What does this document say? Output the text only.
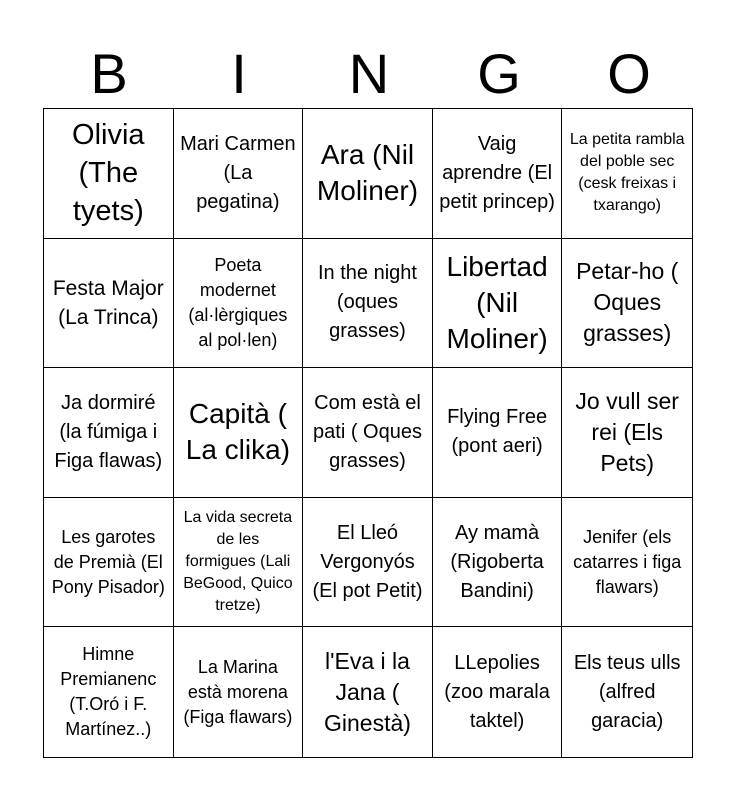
B	I	N	G	O
Olivia (The tyets)
Mari Carmen (La pegatina)
Ara (Nil Moliner)
Vaig aprendre (El petit princep)
La petita rambla del poble sec (cesk freixas i txarango)
Festa Major (La Trinca)
Poeta modernet (al·lèrgiques al pol·len)
In the night (oques grasses)
Libertad (Nil Moliner)
Petar-ho ( Oques grasses)
Ja dormiré (la fúmiga i Figa flawas)
Capità ( La clika)
Com està el pati ( Oques grasses)
Flying Free (pont aeri)
Jo vull ser rei (Els Pets)
Les garotes de Premià (El Pony Pisador)
La vida secreta de les formigues (Lali BeGood, Quico tretze)
El Lleó Vergonyós (El pot Petit)
Ay mamà (Rigoberta Bandini)
Jenifer (els catarres i figa flawars)
Himne Premianenc (T.Oró i F. Martínez..)
La Marina està morena (Figa flawars)
l'Eva i la Jana ( Ginestà)
LLepolies (zoo marala taktel)
Els teus ulls (alfred garacia)
